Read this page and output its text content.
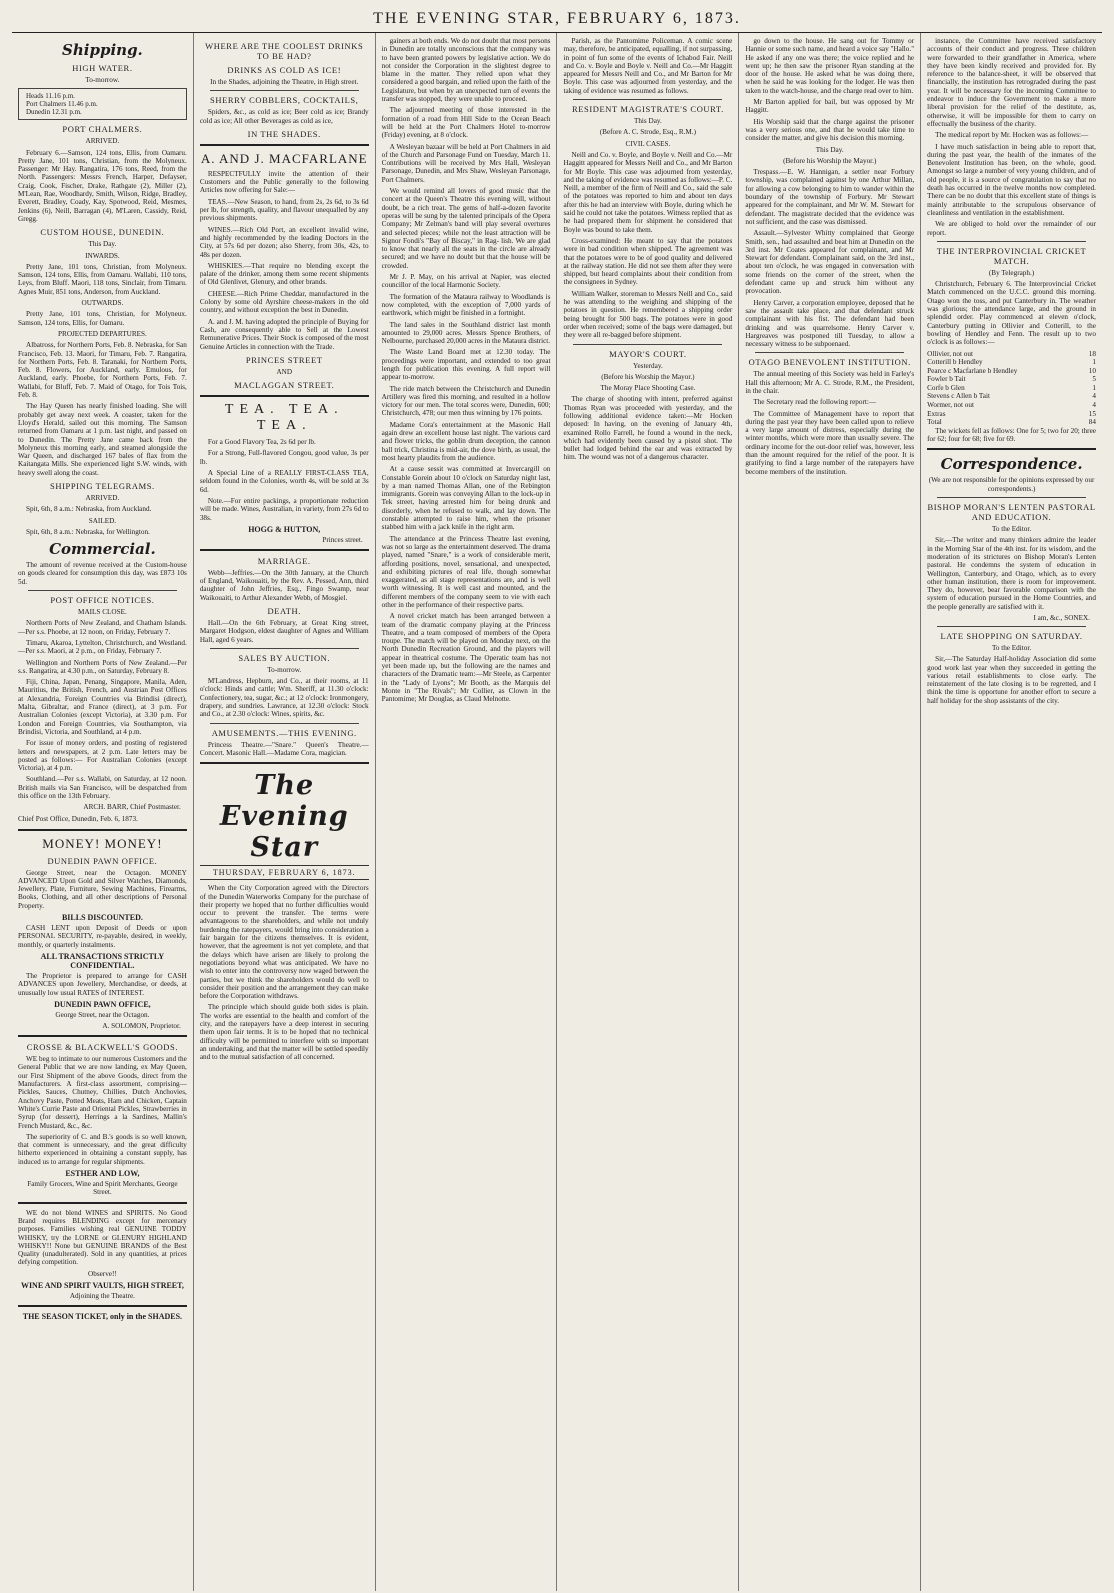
THE EVENING STAR, FEBRUARY 6, 1873.
Shipping.
HIGH WATER.
To-morrow.
Heads 11.16 p.m.
Port Chalmers 11.46 p.m.
Dunedin 12.31 p.m.
PORT CHALMERS.
ARRIVED.

February 6.—Samson, 124 tons, Ellis, from Oamaru. Pretty Jane, 101 tons, Christian, from the Molyneux. Passenger: Mr Hay. Rangatira, 176 tons, Reed, from the North. Passengers: Messrs French, Harper, Defayser, Craig, Cook, Fischer, Drake, Rathgate (2), Miller (2), M'Lean, Rae, Woodhardy, Smith, Wilson, Ridge, Bradley, Everett, Bradley, Coady, Kay, Spotwood, Reid, Mesmes, Jenkins (6), Neill, Barragan (4), M'Laren, Cassidy, Reid, Gregg.

CUSTOM HOUSE, DUNEDIN.
This Day.
INWARDS.

Pretty Jane, 101 tons, Christian, from Molyneux. Samson, 124 tons, Ellis, from Oamaru. Wallabi, 110 tons, Leys, from Bluff. Maori, 118 tons, Sinclair, from Timaru. Agnes Muir, 851 tons, Anderson, from Auckland.

OUTWARDS.

Pretty Jane, 101 tons, Christian, for Molyneux. Samson, 124 tons, Ellis, for Oamaru.

PROJECTED DEPARTURES.

Albatross, for Northern Ports, Feb. 8. Nebraska, for San Francisco, Feb. 13. Maori, for Timaru, Feb. 7. Rangatira, for Northern Ports, Feb. 8. Taranaki, for Northern Ports, Feb. 8. Flowers, for Auckland, early. Emulous, for Auckland, early. Phoebe, for Northern Ports, Feb. 7. Wallabi, for Bluff, Feb. 7. Maid of Otago, for Tois Tois, Feb. 8.

The Hay Queen has nearly finished loading. She will probably get away next week. A coaster, taken for the Lloyd's Herald, sailed out this morning. The Samson returned from Oamaru at 1 p.m. last night, and passed on to Dunedin. The Pretty Jane came back from the Molyneux this morning early, and steamed alongside the War Queen, and discharged 167 bales of flax from the Kaitangata Mills. She experienced light S.W. winds, with heavy swell along the coast.

SHIPPING TELEGRAMS.
ARRIVED.

Spit, 6th, 8 a.m.: Nebraska, from Auckland.

SAILED.

Spit, 6th, 8 a.m.: Nebraska, for Wellington.

Commercial.

The amount of revenue received at the Custom-house on goods cleared for consumption this day, was £873 10s 5d.

POST OFFICE NOTICES.
MAILS CLOSE.

Northern Ports of New Zealand, and Chatham Islands.—Per s.s. Phoebe, at 12 noon, on Friday, February 7.

Timaru, Akaroa, Lyttelton, Christchurch, and Westland.—Per s.s. Maori, at 2 p.m., on Friday, February 7.

Wellington and Northern Ports of New Zealand.—Per s.s. Rangatira, at 4.30 p.m., on Saturday, February 8.

Fiji, China, Japan, Penang, Singapore, Manila, Aden, Mauritius, the British, French, and Austrian Post Offices at Alexandria, Foreign Countries via Brindisi (direct), Malta, Gibraltar, and France (direct), at 3 p.m. For Australian Colonies (except Victoria), at 3.30 p.m. For London and Foreign Countries, via Southampton, via Brindisi, Victoria, and Southland, at 4 p.m.

For issue of money orders, and posting of registered letters and newspapers, at 2 p.m. Late letters may be posted as follows:— For Australian Colonies (except Victoria), at 4 p.m.

Southland.—Per s.s. Wallabi, on Saturday, at 12 noon. British mails via San Francisco, will be despatched from this office on the 13th February.

ARCH. BARR, Chief Postmaster.

Chief Post Office, Dunedin, Feb. 6, 1873.

MONEY! MONEY!
DUNEDIN PAWN OFFICE.

George Street, near the Octagon. MONEY ADVANCED Upon Gold and Silver Watches, Diamonds, Jewellery, Plate, Furniture, Sewing Machines, Firearms, Books, Clothing, and all other descriptions of Personal Property.

BILLS DISCOUNTED.

CASH LENT upon Deposit of Deeds or upon PERSONAL SECURITY, re-payable, desired, in weekly, monthly, or quarterly instalments.

ALL TRANSACTIONS STRICTLY CONFIDENTIAL.

The Proprietor is prepared to arrange for CASH ADVANCES upon Jewellery, Merchandise, or deeds, at unusually low usual RATES of INTEREST.

DUNEDIN PAWN OFFICE,
George Street, near the Octagon.
A. SOLOMON, Proprietor.
CROSSE & BLACKWELL'S GOODS.

WE beg to intimate to our numerous Customers and the General Public that we are now landing, ex May Queen, our First Shipment of the above Goods, direct from the Manufacturers. A first-class assortment, comprising— Pickles, Sauces, Chutney, Chillies, Dutch Anchovies, Anchovy Paste, Potted Meats, Ham and Chicken, Captain White's Currie Paste and Oriental Pickles, Strawberries in Syrup (for dessert), Herrings a la Sardines, Mallin's French Mustard, &c., &c.

The superiority of C. and B.'s goods is so well known, that comment is unnecessary, and the great difficulty hitherto experienced in obtaining a constant supply, has induced us to arrange for regular shipments.

ESTHER AND LOW,
Family Grocers, Wine and Spirit Merchants, George Street.

WE do not blend WINES and SPIRITS. No Good Brand requires BLENDING except for mercenary purposes. Families wishing real GENUINE TODDY WHISKY, try the LORNE or GLENURY HIGHLAND WHISKY!! None but GENUINE BRANDS of the Best Quality (unadulterated). Sold in any quantities, at prices defying competition.

Observe!!
WINE AND SPIRIT VAULTS, HIGH STREET,
Adjoining the Theatre.
THE SEASON TICKET, only in the SHADES.
WHERE ARE THE COOLEST DRINKS TO BE HAD?
DRINKS AS COLD AS ICE!

In the Shades, adjoining the Theatre, in High street.

SHERRY COBBLERS, COCKTAILS,

Spiders, &c., as cold as ice; Beer cold as ice; Brandy cold as ice; All other Beverages as cold as ice,

IN THE SHADES.
A. AND J. MACFARLANE

RESPECTFULLY invite the attention of their Customers and the Public generally to the following Articles now offering for Sale:—

TEAS.—New Season, to hand, from 2s, 2s 6d, to 3s 6d per lb, for strength, quality, and flavour unequalled by any previous shipments.

WINES.—Rich Old Port, an excellent invalid wine, and highly recommended by the leading Doctors in the City, at 57s 6d per dozen; also Sherry, from 30s, 42s, to 48s per dozen.

WHISKIES.—That require no blending except the palate of the drinker, among them some recent shipments of Old Glenlivet, Glenury, and other brands.

CHEESE.—Rich Prime Cheddar, manufactured in the Colony by some old Ayrshire cheese-makers in the old country, and without exception the best in Dunedin.

A. and J. M. having adopted the principle of Buying for Cash, are consequently able to Sell at the Lowest Remunerative Prices. Their Stock is composed of the most Genuine Articles in connection with the Trade.

PRINCES STREET
AND
MACLAGGAN STREET.
TEA. TEA. TEA.

For a Good Flavory Tea, 2s 6d per lb.

For a Strong, Full-flavored Congou, good value, 3s per lb.

A Special Line of a REALLY FIRST-CLASS TEA, seldom found in the Colonies, worth 4s, will be sold at 3s 6d.

Note.—For entire packings, a proportionate reduction will be made. Wines, Australian, in variety, from 27s 6d to 38s.

HOGG & HUTTON,
Princes street.
MARRIAGE.

Webb—Jeffries.—On the 30th January, at the Church of England, Waikouaiti, by the Rev. A. Pessed, Ann, third daughter of John Jeffries, Esq., Fingo Swamp, near Waikouaiti, to Arthur Alexander Webb, of Mosgiel.

DEATH.

Hall.—On the 6th February, at Great King street, Margaret Hodgson, eldest daughter of Agnes and William Hall, aged 6 years.

SALES BY AUCTION.
To-morrow.

M'Landress, Hepburn, and Co., at their rooms, at 11 o'clock: Hinds and cattle; Wm. Sheriff, at 11.30 o'clock: Confectionery, tea, sugar, &c.; at 12 o'clock: Ironmongery, drapery, and sundries. Lawrance, at 12.30 o'clock: Stock and Co., at 2.30 o'clock: Wines, spirits, &c.

AMUSEMENTS.—THIS EVENING.

Princess Theatre.—"Snare." Queen's Theatre.—Concert. Masonic Hall.—Madame Cora, magician.

The Evening Star
THURSDAY, FEBRUARY 6, 1873.

When the City Corporation agreed with the Directors of the Dunedin Waterworks Company for the purchase of their property we hoped that no further difficulties would occur to prevent the transfer. The terms were advantageous to the shareholders, and while not unduly burdening the ratepayers, would bring into consideration a fair bargain for the citizens themselves. It is evident, however, that the agreement is not yet complete, and that the delays which have arisen are likely to prolong the negotiations beyond what was anticipated. We have no wish to enter into the controversy now waged between the parties, but we think the shareholders would do well to consider their position and the arrangement they can make before the Corporation withdraws.

The principle which should guide both sides is plain. The works are essential to the health and comfort of the city, and the ratepayers have a deep interest in securing them upon fair terms. It is to be hoped that no technical difficulty will be permitted to interfere with so important an undertaking, and that the matter will be settled speedily and to the mutual satisfaction of all concerned.

gainers at both ends. We do not doubt that most persons in Dunedin are totally unconscious that the company was to have been granted powers by legislative action. We do not consider the Corporation in the slightest degree to blame in the matter. They relied upon what they considered a good bargain, and relied upon the faith of the Legislature, but when by an unexpected turn of events the transfer was stopped, they were unable to proceed.

The adjourned meeting of those interested in the formation of a road from Hill Side to the Ocean Beach will be held at the Port Chalmers Hotel to-morrow (Friday) evening, at 8 o'clock.

A Wesleyan bazaar will be held at Port Chalmers in aid of the Church and Parsonage Fund on Tuesday, March 11. Contributions will be received by Mrs Hall, Wesleyan Parsonage, Dunedin, and Mrs Shaw, Wesleyan Parsonage, Port Chalmers.

We would remind all lovers of good music that the concert at the Queen's Theatre this evening will, without doubt, be a rich treat. The gems of half-a-dozen favorite operas will be sung by the talented principals of the Opera Company; Mr Zelman's band will play several overtures and selected pieces; while not the least attraction will be Signor Fondi's "Bay of Biscay," in Rag- lish. We are glad to know that nearly all the seats in the circle are already secured; and we have no doubt but that the house will be crowded.

Mr J. P. May, on his arrival at Napier, was elected councillor of the local Harmonic Society.

The formation of the Mataura railway to Woodlands is now completed, with the exception of 7,000 yards of earthwork, which might be finished in a fortnight.

The land sales in the Southland district last month amounted to 29,000 acres. Messrs Spence Brothers, of Nelbourne, purchased 20,000 acres in the Mataura district.

The Waste Land Board met at 12.30 today. The proceedings were important, and extended to too great length for publication this evening. A full report will appear to-morrow.

The ride match between the Christchurch and Dunedin Artillery was fired this morning, and resulted in a hollow victory for our men. The total scores were, Dunedin, 600; Christchurch, 478; our men thus winning by 176 points.

Madame Cora's entertainment at the Masonic Hall again drew an excellent house last night. The various card and flower tricks, the goblin drum deception, the cannon ball trick, Christina is mid-air, the dove birth, as usual, the most hearty plaudits from the audience.

At a cause sessit was committed at Invercargill on Constable Gorein about 10 o'clock on Saturday night last, by a man named Thomas Allan, one of the Rebington immigrants. Gorein was conveying Allan to the lock-up in Tek street, having arrested him for being drunk and disorderly, when he refused to walk, and lay down. The constable attempted to raise him, when the prisoner stabbed him with a jack knife in the right arm.

The attendance at the Princess Theatre last evening, was not so large as the entertainment deserved. The drama played, named "Snare," is a work of considerable merit, affording positions, novel, sensational, and unexpected, and exhibiting pictures of real life, though somewhat exaggerated, as all stage representations are, and is well worth witnessing. It is well cast and mounted, and the different members of the company seem to vie with each other in the performance of their respective parts.

A novel cricket match has been arranged between a team of the dramatic company playing at the Princess Theatre, and a team composed of members of the Opera troupe. The match will be played on Monday next, on the North Dunedin Recreation Ground, and the players will appear in theatrical costume. The Operatic team has not yet been made up, but the following are the names and characters of the Dramatic team:—Mr Steele, as Carpenter in the "Lady of Lyons"; Mr Booth, as the Marquis del Monte in "The Rivals"; Mr Collier, as Clown in the Pantomime; Mr Douglas, as Claud Melnotte.

Parish, as the Pantomime Policeman. A comic scene may, therefore, be anticipated, equalling, if not surpassing, in point of fun some of the events of Ichabod Fair. Neill and Co. v. Boyle and Boyle v. Neill and Co.—Mr Haggitt appeared for Messrs Neill and Co., and Mr Barton for Mr Boyle. This case was adjourned from yesterday, and the taking of evidence was resumed as follows.

RESIDENT MAGISTRATE'S COURT.
This Day.
(Before A. C. Strode, Esq., R.M.)
CIVIL CASES.

Neill and Co. v. Boyle, and Boyle v. Neill and Co.—Mr Haggitt appeared for Messrs Neill and Co., and Mr Barton for Mr Boyle. This case was adjourned from yesterday, and the taking of evidence was resumed as follows:—P. C. Neill, a member of the firm of Neill and Co., said the sale of the potatoes was reported to him and about ten days after this he had an interview with Boyle, during which he said he could not take the potatoes. Witness replied that as he had prepared them for shipment he considered that Boyle was bound to take them.

Cross-examined: He meant to say that the potatoes were in bad condition when shipped. The agreement was that the potatoes were to be of good quality and delivered at the railway station. He did not see them after they were shipped, but heard complaints about their condition from the consignees in Sydney.

William Walker, storeman to Messrs Neill and Co., said he was attending to the weighing and shipping of the potatoes in question. He remembered a shipping order being brought for 500 bags. The potatoes were in good order when received; some of the bags were damaged, but they were all re-bagged before shipment.

MAYOR'S COURT.
Yesterday.
(Before his Worship the Mayor.)
The Moray Place Shooting Case.

The charge of shooting with intent, preferred against Thomas Ryan was proceeded with yesterday, and the following additional evidence taken:—Mr Hocken deposed: In having, on the evening of January 4th, examined Rollo Farrell, he found a wound in the neck, which had evidently been caused by a pistol shot. The bullet had lodged behind the ear and was extracted by him. The wound was not of a dangerous character.

go down to the house. He sang out for Tommy or Hannie or some such name, and heard a voice say "Hallo." He asked if any one was there; the voice replied and he went up; he then saw the prisoner Ryan standing at the door of the house. He asked what he was doing there, when he said he was looking for the lodger. He was then taken to the watch-house, and the charge read over to him.

Mr Barton applied for bail, but was opposed by Mr Haggitt.

His Worship said that the charge against the prisoner was a very serious one, and that he would take time to consider the matter, and give his decision this morning.

This Day.
(Before his Worship the Mayor.)

Trespass.—E. W. Hannigan, a settler near Forbury township, was complained against by one Arthur Millan, for allowing a cow belonging to him to wander within the boundary of the township of Forbury. Mr Stewart appeared for the complainant, and Mr W. M. Stewart for defendant. The magistrate decided that the evidence was not sufficient, and the case was dismissed.

Assault.—Sylvester Whitty complained that George Smith, sen., had assaulted and beat him at Dunedin on the 3rd inst. Mr Coates appeared for complainant, and Mr Stewart for defendant. Complainant said, on the 3rd inst., about ten o'clock, he was engaged in conversation with some friends on the corner of the street, when the defendant came up and struck him without any provocation.

Henry Carver, a corporation employee, deposed that he saw the assault take place, and that defendant struck complainant with his fist. The defendant had been drinking and was quarrelsome. Henry Carver v. Hargreaves was postponed till Tuesday, to allow a necessary witness to be subpoenaed.

OTAGO BENEVOLENT INSTITUTION.

The annual meeting of this Society was held in Farley's Hall this afternoon; Mr A. C. Strode, R.M., the President, in the chair.

The Secretary read the following report:—

The Committee of Management have to report that during the past year they have been called upon to relieve a very large amount of distress, especially during the winter months, which were more than usually severe. The ordinary income for the out-door relief was, however, less than the amount required for the relief of the poor. It is gratifying to find a large number of the ratepayers have become members of the institution.

instance, the Committee have received satisfactory accounts of their conduct and progress. Three children were forwarded to their grandfather in America, where they have been kindly received and provided for. By reference to the balance-sheet, it will be observed that financially, the institution has retrograded during the past year. It will be necessary for the incoming Committee to endeavor to induce the Government to make a more liberal provision for the relief of the destitute, as, otherwise, it will be impossible for them to carry on effectually the business of the charity.

The medical report by Mr. Hocken was as follows:—

I have much satisfaction in being able to report that, during the past year, the health of the inmates of the Benevolent Institution has been, on the whole, good. Amongst so large a number of very young children, and of old people, it is a source of congratulation to say that no death has occurred in the twelve months now completed. There can be no doubt that this excellent state of things is mainly attributable to the scrupulous observance of cleanliness and ventilation in the establishment.

We are obliged to hold over the remainder of our report.

THE INTERPROVINCIAL CRICKET MATCH.
(By Telegraph.)

Christchurch, February 6. The Interprovincial Cricket Match commenced on the U.C.C. ground this morning. Otago won the toss, and put Canterbury in. The weather was glorious; the attendance large, and the ground in splendid order. Play commenced at eleven o'clock, Canterbury putting in Ollivier and Cotterill, to the bowling of Hendley and Fenn. The result up to two o'clock is as follows:—

Ollivier, not out	18
Cotterill b Hendley	1
Pearce c Macfarlane b Hendley	10
Fowler b Tait	5
Corfe b Glen	1
Stevens c Allen b Tait	4
Wormer, not out	4
Extras	15
Total	84

The wickets fell as follows: One for 5; two for 20; three for 62; four for 68; five for 69.

Correspondence.

(We are not responsible for the opinions expressed by our correspondents.)

BISHOP MORAN'S LENTEN PASTORAL AND EDUCATION.
To the Editor.

Sir,—The writer and many thinkers admire the leader in the Morning Star of the 4th inst. for its wisdom, and the moderation of its strictures on Bishop Moran's Lenten pastoral. He condemns the system of education in Wellington, Canterbury, and Otago, which, as to every other human institution, there is room for improvement. They do, however, bear favorable comparison with the system of education pursued in the Home Countries, and the people generally are satisfied with it.

I am, &c., SONEX.
LATE SHOPPING ON SATURDAY.
To the Editor.

Sir,—The Saturday Half-holiday Association did some good work last year when they succeeded in getting the various retail establishments to close early. The reinstatement of the late closing is to be regretted, and I think the time is opportune for another effort to secure a half holiday for the shop assistants of the city.
